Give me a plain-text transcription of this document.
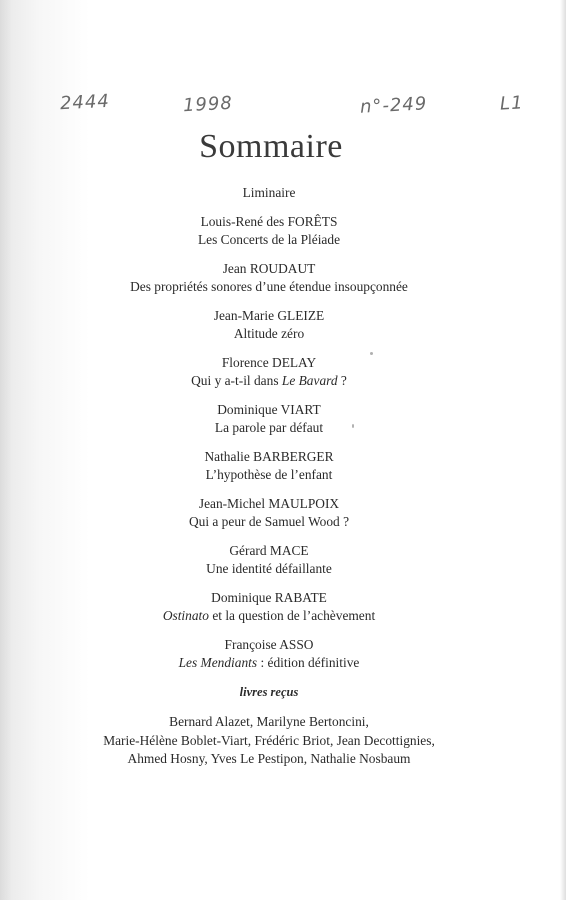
2444	1998	n°-249	L1
Sommaire
Liminaire
Louis-René des FORÊTS
Les Concerts de la Pléiade
Jean ROUDAUT
Des propriétés sonores d’une étendue insoupçonnée
Jean-Marie GLEIZE
Altitude zéro
Florence DELAY
Qui y a-t-il dans Le Bavard ?
Dominique VIART
La parole par défaut
Nathalie BARBERGER
L’hypothèse de l’enfant
Jean-Michel MAULPOIX
Qui a peur de Samuel Wood ?
Gérard MACE
Une identité défaillante
Dominique RABATE
Ostinato et la question de l’achèvement
Françoise ASSO
Les Mendiants : édition définitive
livres reçus
Bernard Alazet, Marilyne Bertoncini,
Marie-Hélène Boblet-Viart, Frédéric Briot, Jean Decottignies,
Ahmed Hosny, Yves Le Pestipon, Nathalie Nosbaum
